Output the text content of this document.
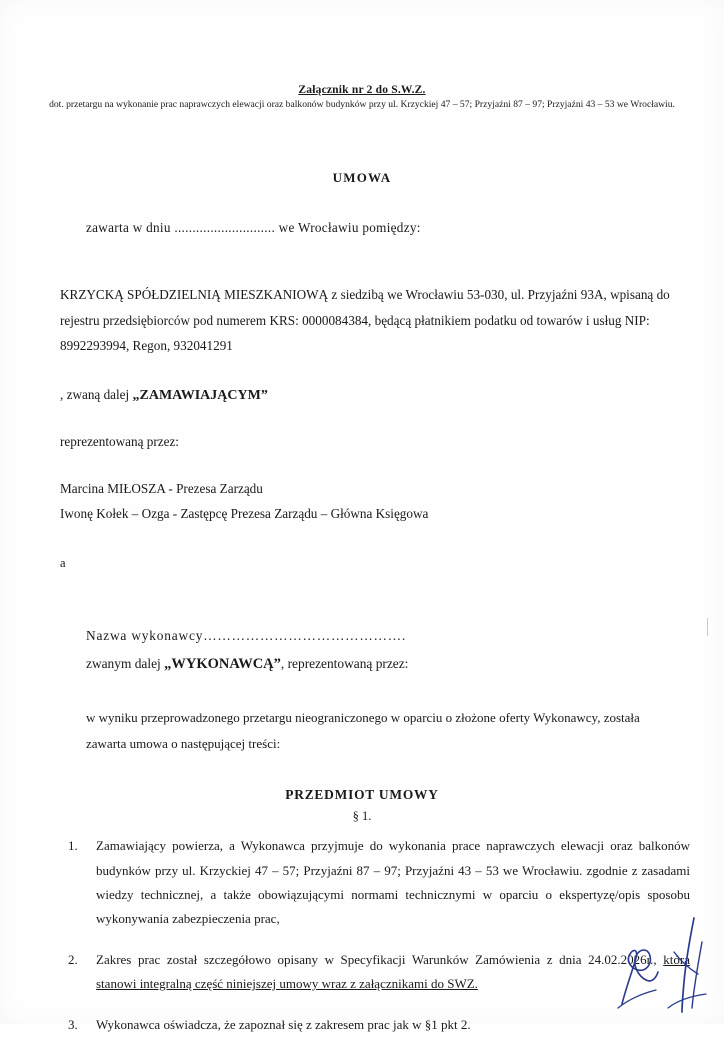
Załącznik nr 2 do S.W.Z.
dot. przetargu na wykonanie prac naprawczych elewacji oraz balkonów budynków przy ul. Krzyckiej 47 – 57; Przyjaźni 87 – 97; Przyjaźni 43 – 53 we Wrocławiu.
UMOWA
zawarta w dniu ............................ we Wrocławiu pomiędzy:
KRZYCKĄ SPÓŁDZIELNIĄ MIESZKANIOWĄ z siedzibą we Wrocławiu 53-030, ul. Przyjaźni 93A, wpisaną do rejestru przedsiębiorców pod numerem KRS: 0000084384, będącą płatnikiem podatku od towarów i usług NIP: 8992293994, Regon, 932041291
, zwaną dalej „ZAMAWIAJĄCYM”
reprezentowaną przez:
Marcina MIŁOSZA - Prezesa Zarządu
Iwonę Kołek – Ozga - Zastępcę Prezesa Zarządu – Główna Księgowa
a
Nazwa wykonawcy…………………………………….
zwanym dalej „WYKONAWCĄ”, reprezentowaną przez:
w wyniku przeprowadzonego przetargu nieograniczonego w oparciu o złożone oferty Wykonawcy, została zawarta umowa o następującej treści:
PRZEDMIOT UMOWY
§ 1.
1. Zamawiający powierza, a Wykonawca przyjmuje do wykonania prace naprawczych elewacji oraz balkonów budynków przy ul. Krzyckiej 47 – 57; Przyjaźni 87 – 97; Przyjaźni 43 – 53 we Wrocławiu. zgodnie z zasadami wiedzy technicznej, a także obowiązującymi normami technicznymi w oparciu o ekspertyzę/opis sposobu wykonywania zabezpieczenia prac,
2. Zakres prac został szczegółowo opisany w Specyfikacji Warunków Zamówienia z dnia 24.02.2026r., która stanowi integralną część niniejszej umowy wraz z załącznikami do SWZ.
3. Wykonawca oświadcza, że zapoznał się z zakresem prac jak w §1 pkt 2.
